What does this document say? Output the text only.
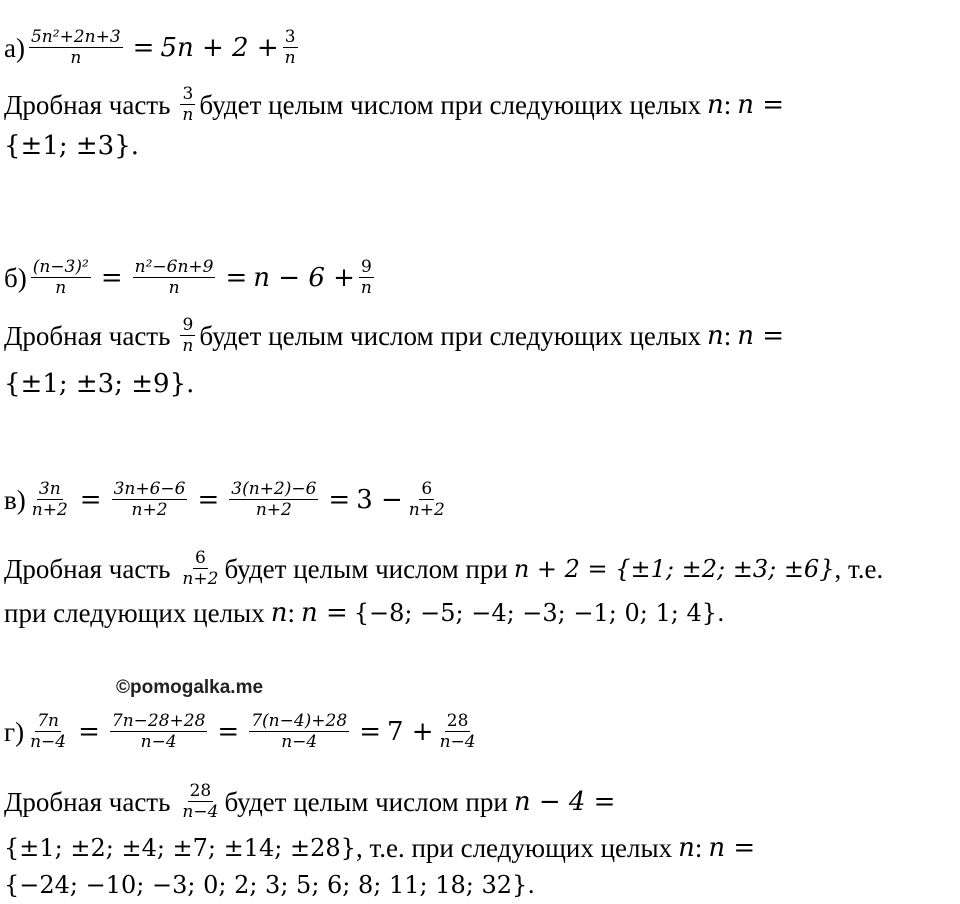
©pomogalka.me
$а) \frac{\text{5n²+2n+3}}{n} = 5n + 2 + \frac{3}{n}$
Дробная часть $\frac{3}{n}$ будет целым числом при следующих целых n : n =
{±1; ±3}.
$б) \frac{\text{(n−3)²}}{n} = \frac{\text{n²−6n+9}}{n} = n - 6 + \frac{9}{n}$
Дробная часть $\frac{9}{n}$ будет целым числом при следующих целых n : n =
{±1; ±3; ±9}.
$в) \frac{3n}{n+2} = \frac{3n+6-6}{n+2} = \frac{3(n+2)-6}{n+2} = 3 - \frac{6}{n+2}$
Дробная часть $\frac{6}{n+2}$ будет целым числом при n + 2 = {±1; ±2; ±3; ±6} , т.е.
при следующих целых n : n = {−8; −5; −4; −3; −1; 0; 1; 4}.
$г) \frac{7n}{n-4} = \frac{7n-28+28}{n-4} = \frac{7(n-4)+28}{n-4} = 7 + \frac{28}{n-4}$
Дробная часть $\frac{28}{n-4}$ будет целым числом при n − 4 =
{±1; ±2; ±4; ±7; ±14; ±28} , т.е. при следующих целых n : n =
{−24; −10; −3; 0; 2; 3; 5; 6; 8; 11; 18; 32}.
